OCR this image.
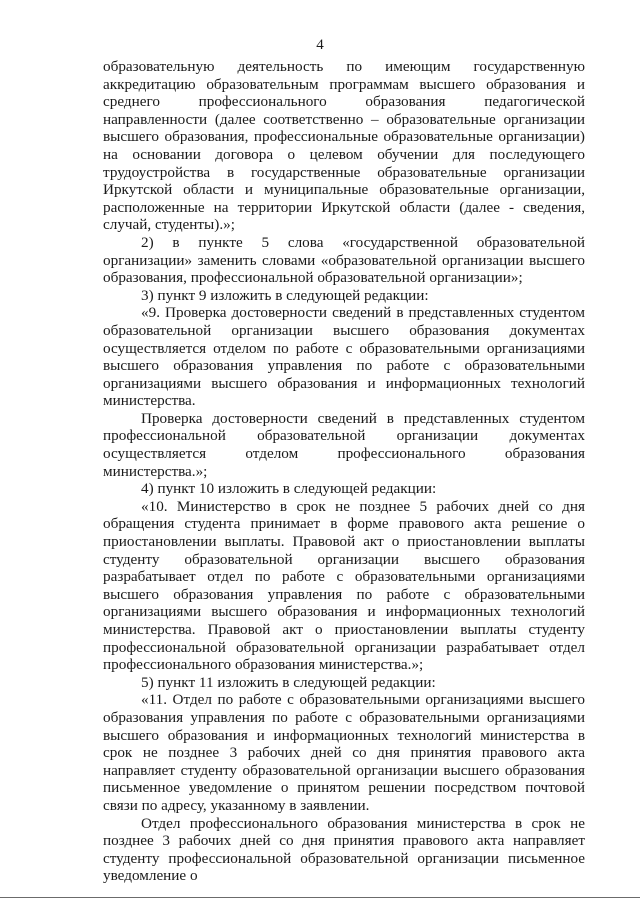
4

образовательную деятельность по имеющим государственную аккредитацию образовательным программам высшего образования и среднего профессионального образования педагогической направленности (далее соответственно – образовательные организации высшего образования, профессиональные образовательные организации) на основании договора о целевом обучении для последующего трудоустройства в государственные образовательные организации Иркутской области и муниципальные образовательные организации, расположенные на территории Иркутской области (далее - сведения, случай, студенты).»;

2) в пункте 5 слова «государственной образовательной организации» заменить словами «образовательной организации высшего образования, профессиональной образовательной организации»;

3) пункт 9 изложить в следующей редакции:

«9. Проверка достоверности сведений в представленных студентом образовательной организации высшего образования документах осуществляется отделом по работе с образовательными организациями высшего образования управления по работе с образовательными организациями высшего образования и информационных технологий министерства.

Проверка достоверности сведений в представленных студентом профессиональной образовательной организации документах осуществляется отделом профессионального образования министерства.»;

4) пункт 10 изложить в следующей редакции:

«10. Министерство в срок не позднее 5 рабочих дней со дня обращения студента принимает в форме правового акта решение о приостановлении выплаты. Правовой акт о приостановлении выплаты студенту образовательной организации высшего образования разрабатывает отдел по работе с образовательными организациями высшего образования управления по работе с образовательными организациями высшего образования и информационных технологий министерства. Правовой акт о приостановлении выплаты студенту профессиональной образовательной организации разрабатывает отдел профессионального образования министерства.»;

5) пункт 11 изложить в следующей редакции:

«11. Отдел по работе с образовательными организациями высшего образования управления по работе с образовательными организациями высшего образования и информационных технологий министерства в срок не позднее 3 рабочих дней со дня принятия правового акта направляет студенту образовательной организации высшего образования письменное уведомление о принятом решении посредством почтовой связи по адресу, указанному в заявлении.

Отдел профессионального образования министерства в срок не позднее 3 рабочих дней со дня принятия правового акта направляет студенту профессиональной образовательной организации письменное уведомление о
